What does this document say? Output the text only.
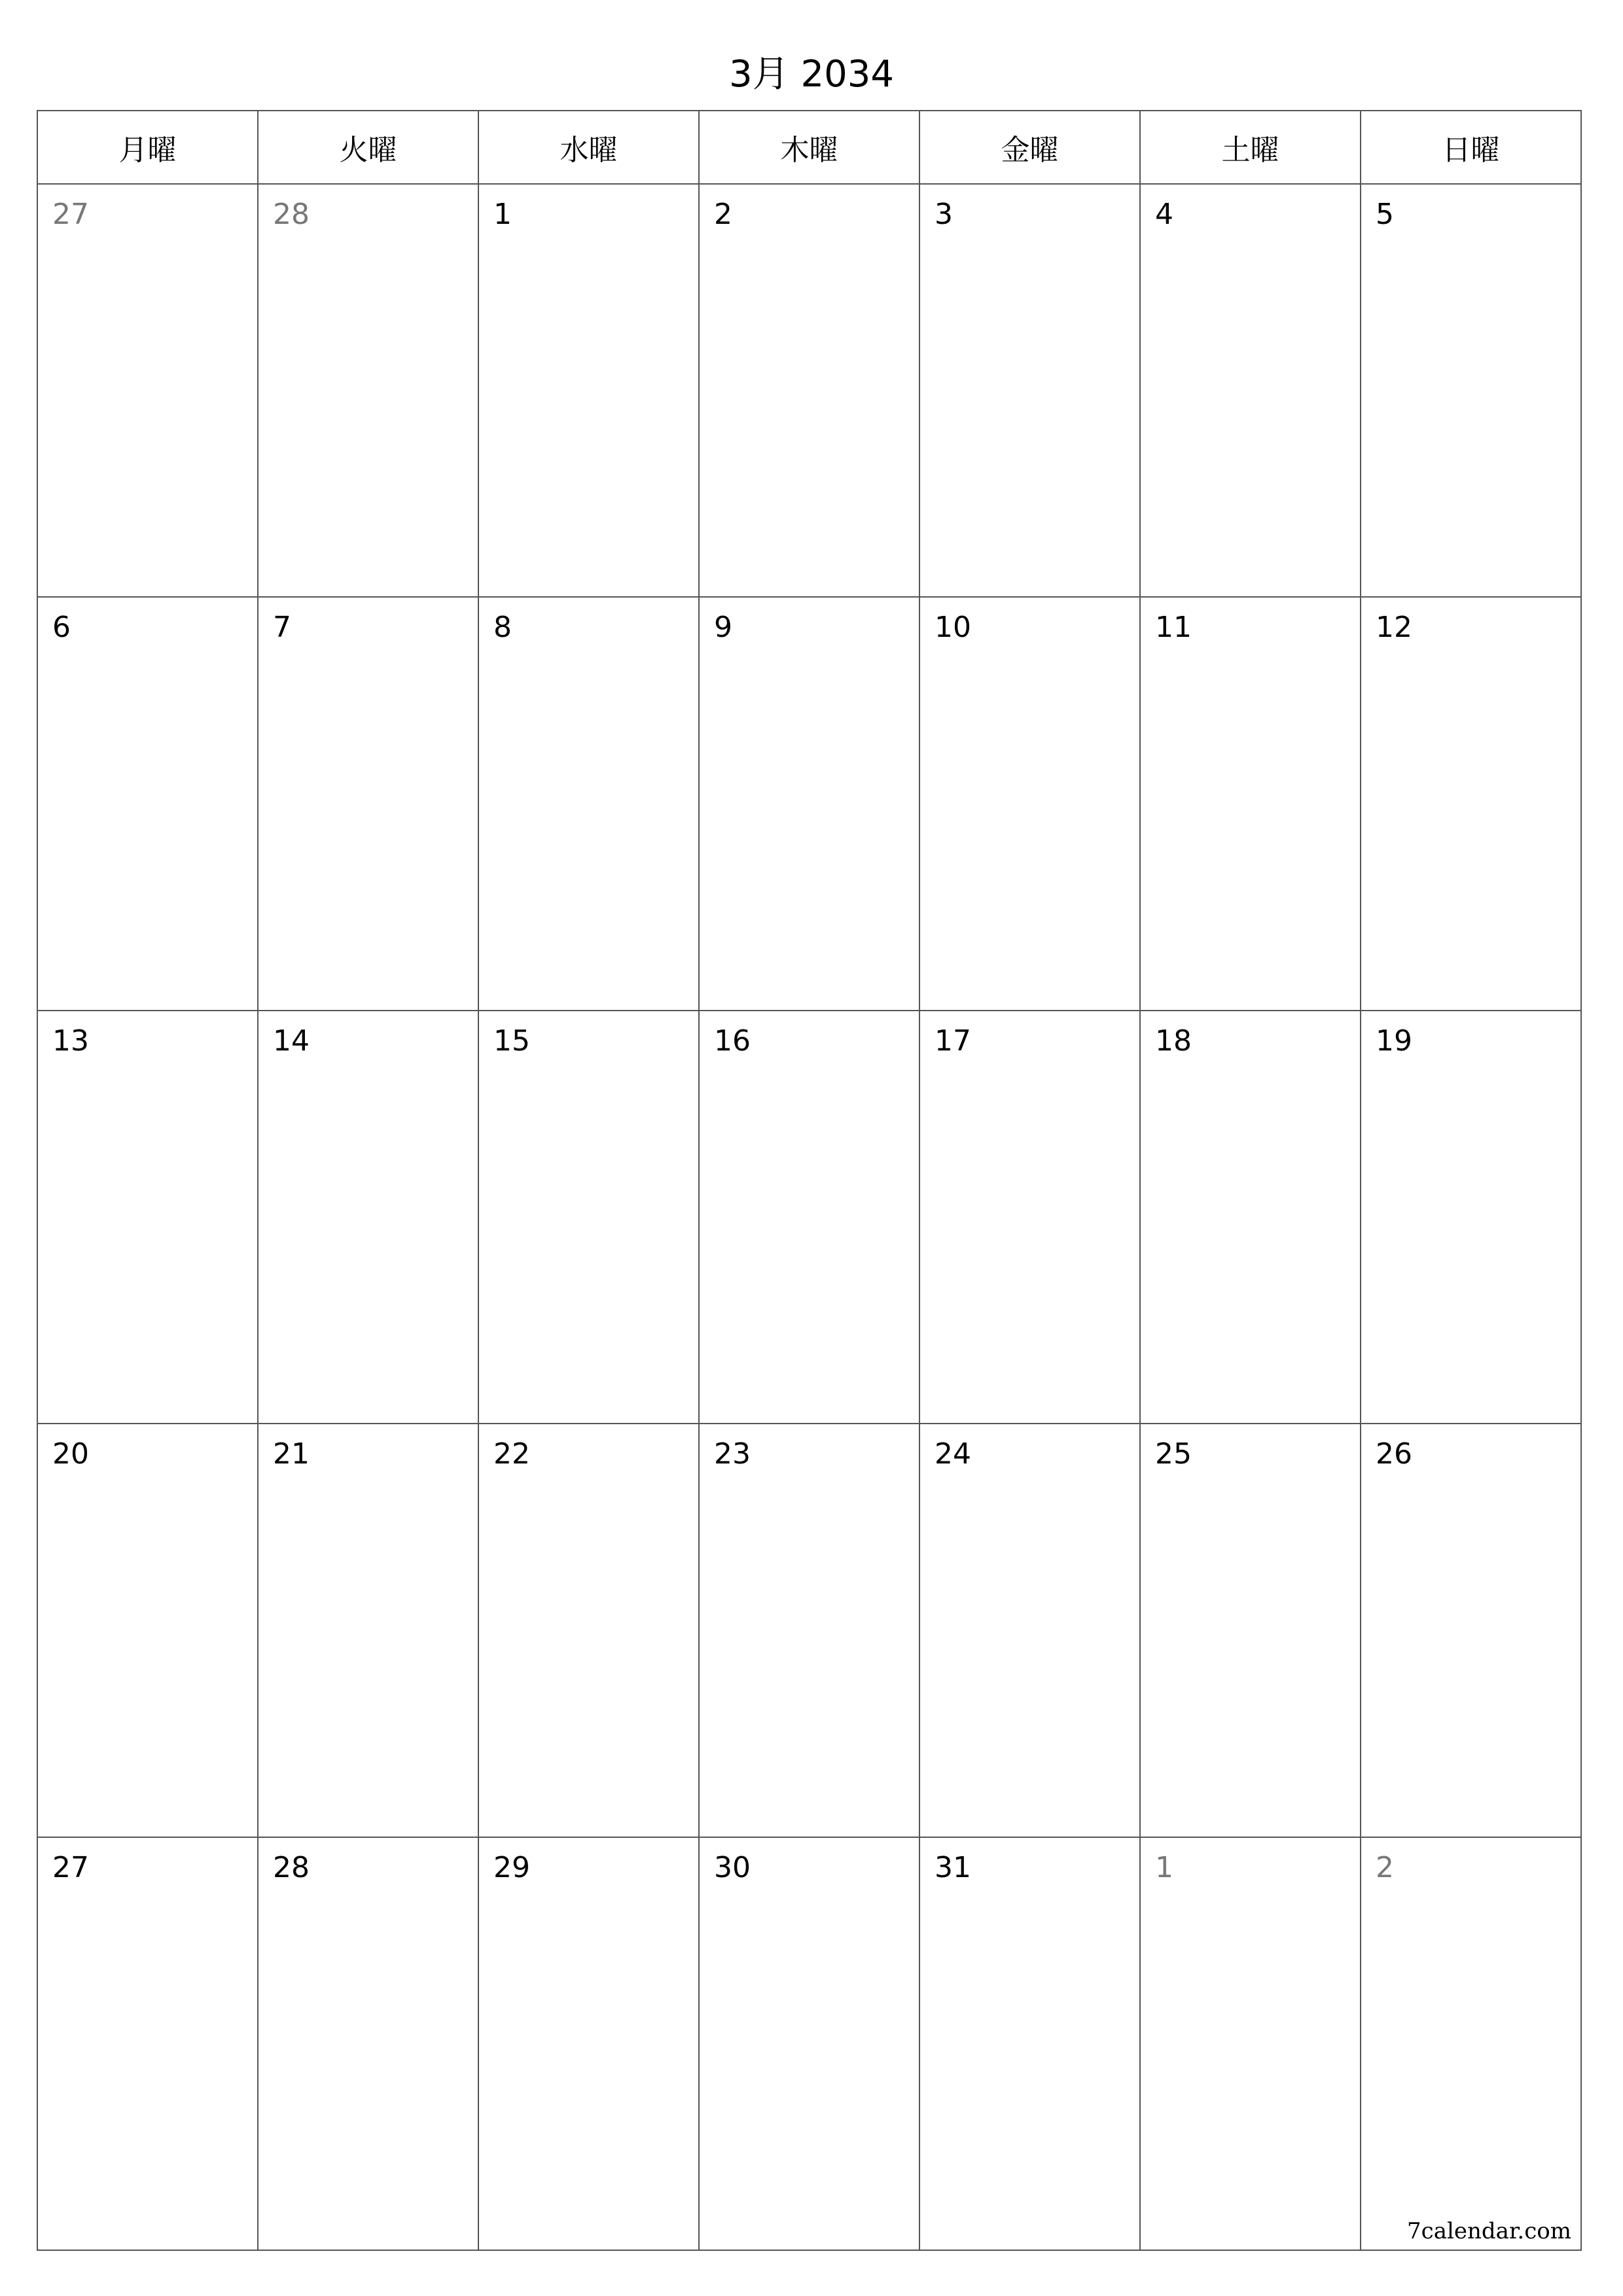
3月 2034
月曜	火曜	水曜	木曜	金曜	土曜	日曜
27	28	1	2	3	4	5
6	7	8	9	10	11	12
13	14	15	16	17	18	19
20	21	22	23	24	25	26
27	28	29	30	31	1	2
7calendar.com
